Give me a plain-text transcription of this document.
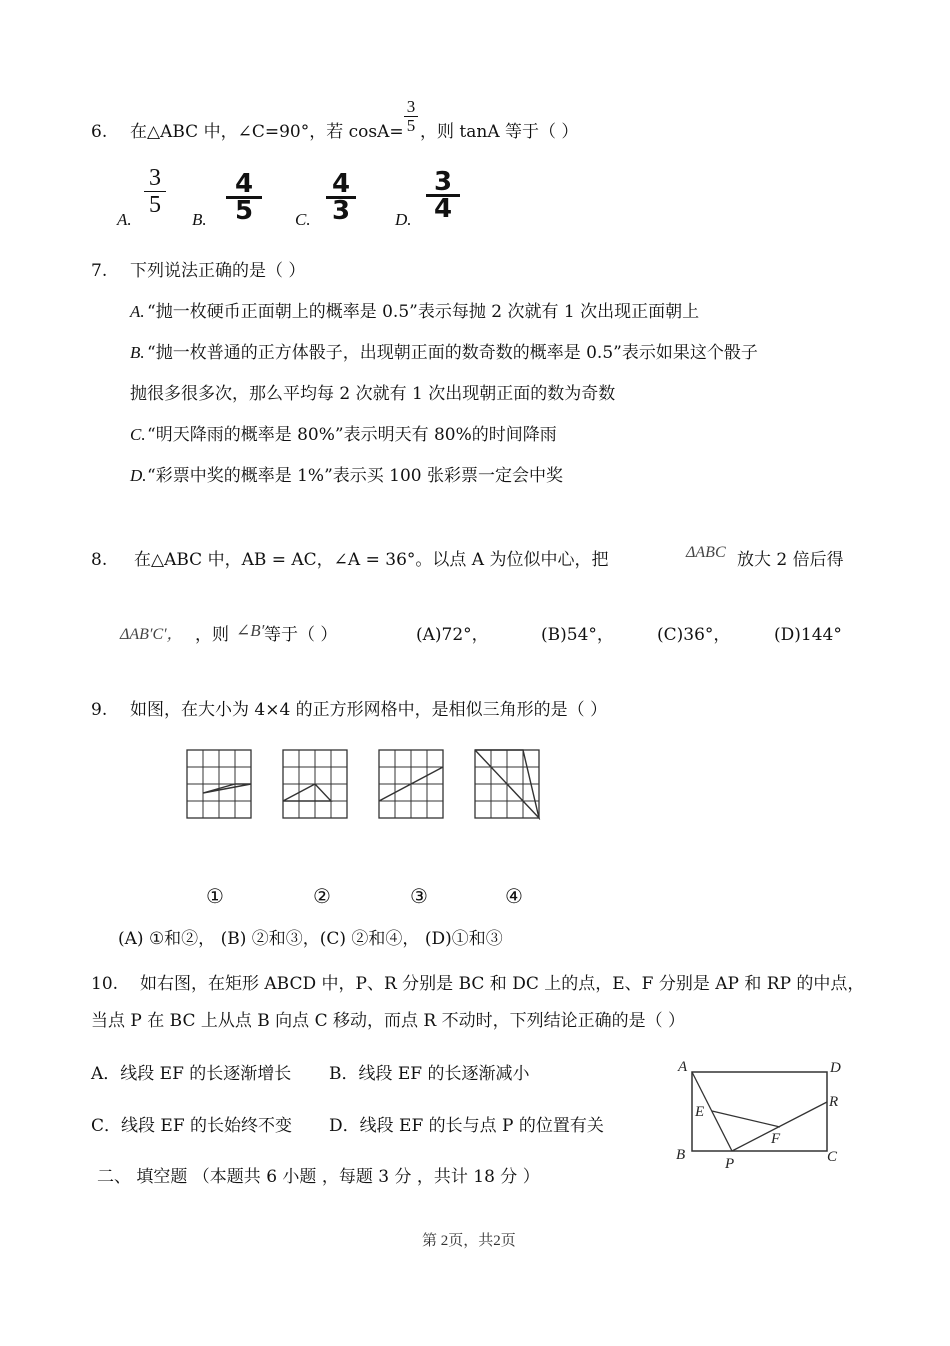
6. 在△ABC 中，∠C=90°，若 cosA=
3
5 ，则 tanA 等于（ ）
A.
3
5
B.
4
5	C.
4
3	D.
3
4
7. 下列说法正确的是（ ）
A. “抛一枚硬币正面朝上的概率是 0.5”表示每抛 2 次就有 1 次出现正面朝上
B. “抛一枚普通的正方体骰子，出现朝正面的数奇数的概率是 0.5”表示如果这个骰子
抛很多很多次，那么平均每 2 次就有 1 次出现朝正面的数为奇数
C. “明天降雨的概率是 80%”表示明天有 80%的时间降雨
D. “彩票中奖的概率是 1%”表示买 100 张彩票一定会中奖
8. 在△ABC 中，AB = AC，∠A = 36°。以点 A 为位似中心，把	ΔABC 放大 2 倍后得
ΔAB′C′， ，则 ∠B′ 等于（ ）	(A)72°，	(B)54°，	(C)36°，	(D)144°
9. 如图，在大小为 4×4 的正方形网格中，是相似三角形的是（ ）
①	②	③	④
(A) ①和②， (B) ②和③，(C) ②和④， (D)①和③
10. 如右图，在矩形 ABCD 中，P、R 分别是 BC 和 DC 上的点，E、F 分别是 AP 和 RP 的中点，
当点 P 在 BC 上从点 B 向点 C 移动，而点 R 不动时，下列结论正确的是（ ）
A．线段 EF 的长逐渐增长 B．线段 EF 的长逐渐减小
C．线段 EF 的长始终不变 D．线段 EF 的长与点 P 的位置有关
A	D
B	C
E
F
P
R
二、 填空题 （本题共 6 小题 ，每题 3 分 ，共计 18 分 ）
第 2页，共2页
